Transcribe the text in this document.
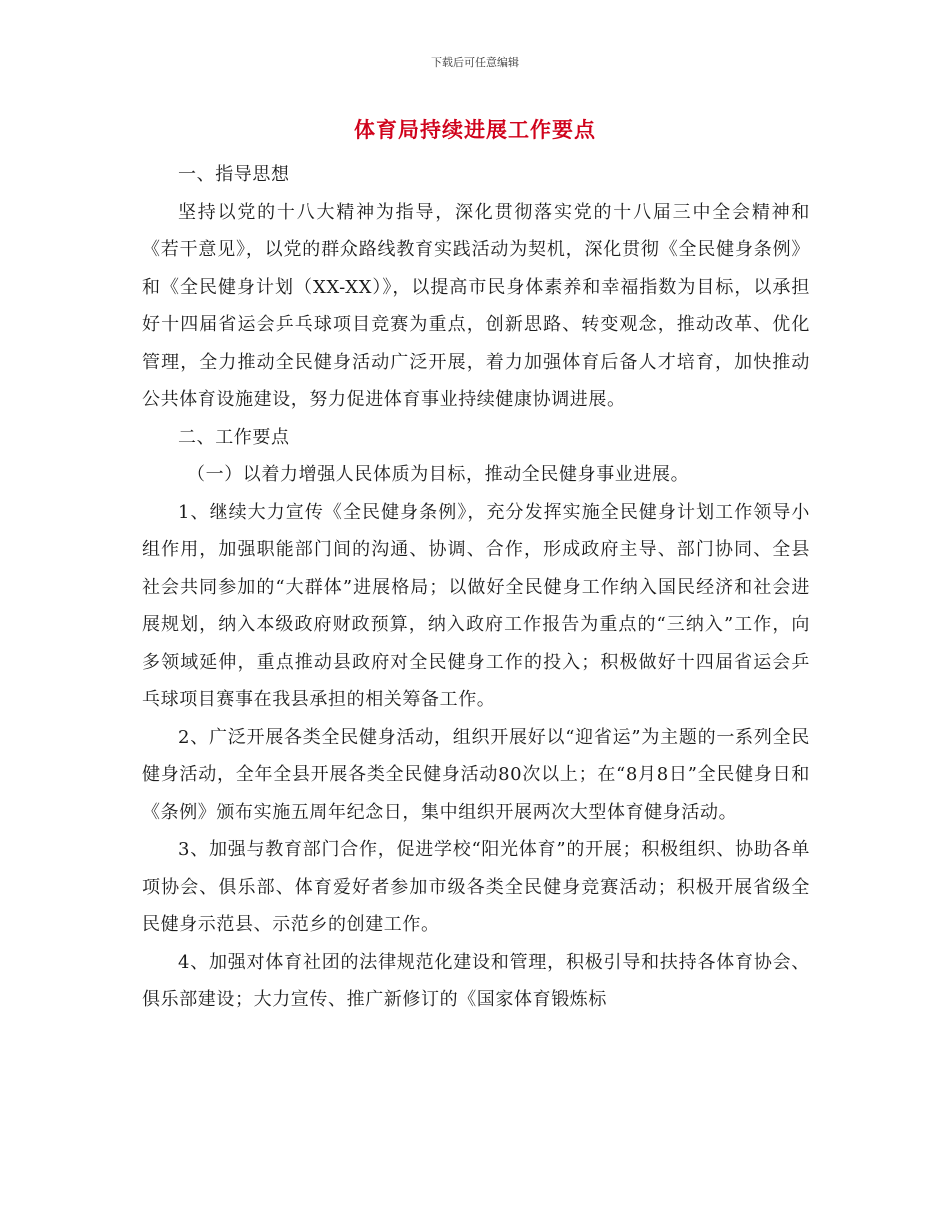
下载后可任意编辑
体育局持续进展工作要点

一、指导思想

坚持以党的十八大精神为指导，深化贯彻落实党的十八届三中全会精神和《若干意见》，以党的群众路线教育实践活动为契机，深化贯彻《全民健身条例》和《全民健身计划（XX-XX）》，以提高市民身体素养和幸福指数为目标，以承担好十四届省运会乒乓球项目竞赛为重点，创新思路、转变观念，推动改革、优化管理，全力推动全民健身活动广泛开展，着力加强体育后备人才培育，加快推动公共体育设施建设，努力促进体育事业持续健康协调进展。

二、工作要点

（一）以着力增强人民体质为目标，推动全民健身事业进展。

1、继续大力宣传《全民健身条例》，充分发挥实施全民健身计划工作领导小组作用，加强职能部门间的沟通、协调、合作，形成政府主导、部门协同、全县社会共同参加的“大群体”进展格局；以做好全民健身工作纳入国民经济和社会进展规划，纳入本级政府财政预算，纳入政府工作报告为重点的“三纳入”工作，向多领域延伸，重点推动县政府对全民健身工作的投入；积极做好十四届省运会乒乓球项目赛事在我县承担的相关筹备工作。

2、广泛开展各类全民健身活动，组织开展好以“迎省运”为主题的一系列全民健身活动，全年全县开展各类全民健身活动80次以上；在“8月8日”全民健身日和《条例》颁布实施五周年纪念日，集中组织开展两次大型体育健身活动。

3、加强与教育部门合作，促进学校“阳光体育”的开展；积极组织、协助各单项协会、俱乐部、体育爱好者参加市级各类全民健身竞赛活动；积极开展省级全民健身示范县、示范乡的创建工作。

4、加强对体育社团的法律规范化建设和管理，积极引导和扶持各体育协会、俱乐部建设；大力宣传、推广新修订的《国家体育锻炼标
